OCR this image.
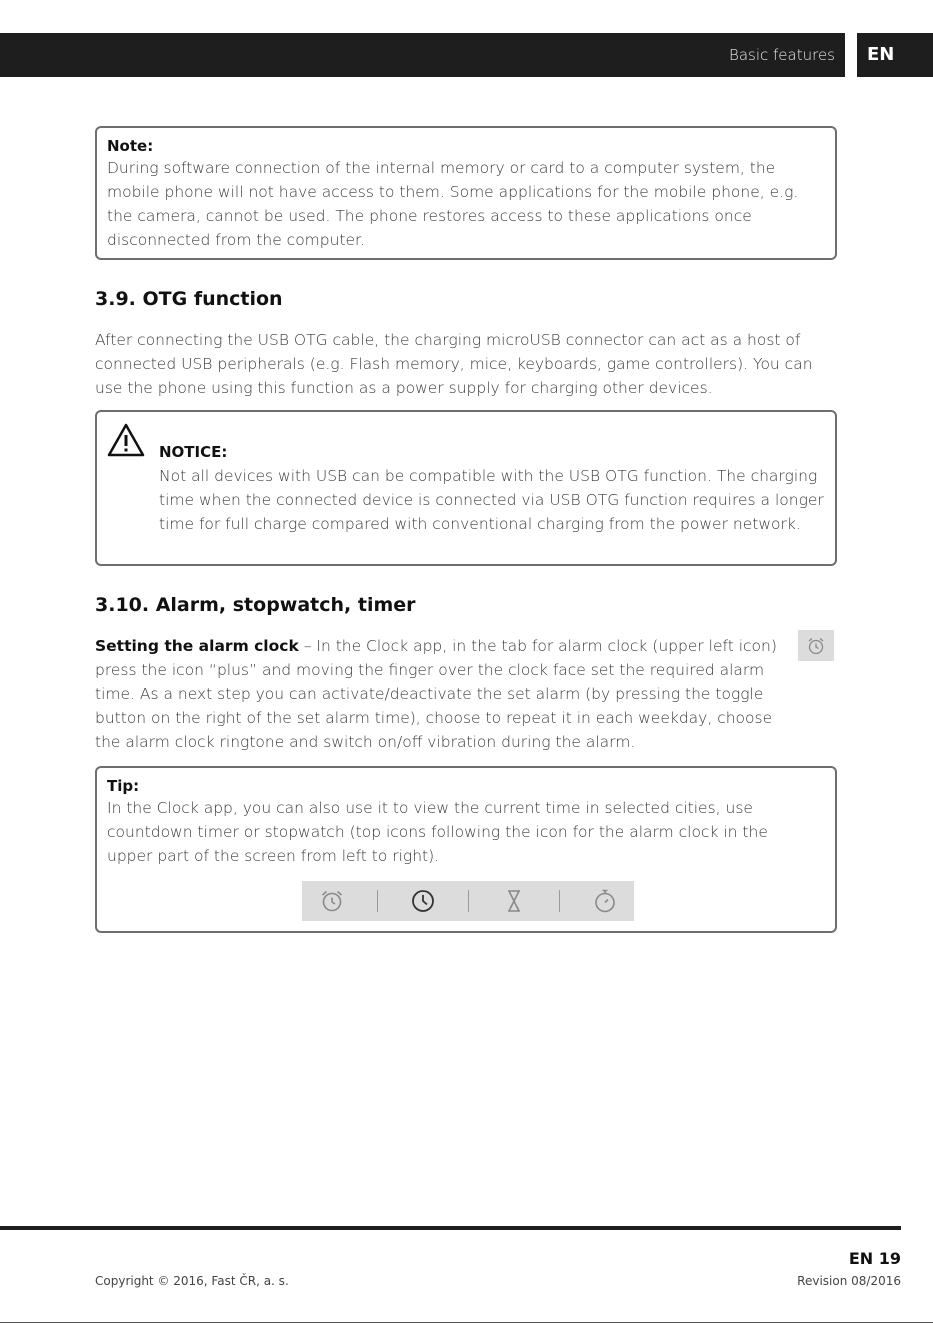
Basic features	EN
Note:
During software connection of the internal memory or card to a computer system, the mobile phone will not have access to them. Some applications for the mobile phone, e.g. the camera, cannot be used. The phone restores access to these applications once disconnected from the computer.
3.9. OTG function
After connecting the USB OTG cable, the charging microUSB connector can act as a host of connected USB peripherals (e.g. Flash memory, mice, keyboards, game controllers). You can use the phone using this function as a power supply for charging other devices.
NOTICE:
Not all devices with USB can be compatible with the USB OTG function. The charging time when the connected device is connected via USB OTG function requires a longer time for full charge compared with conventional charging from the power network.
3.10. Alarm, stopwatch, timer
Setting the alarm clock – In the Clock app, in the tab for alarm clock (upper left icon) press the icon “plus” and moving the finger over the clock face set the required alarm time. As a next step you can activate/deactivate the set alarm (by pressing the toggle button on the right of the set alarm time), choose to repeat it in each weekday, choose the alarm clock ringtone and switch on/off vibration during the alarm.
Tip:
In the Clock app, you can also use it to view the current time in selected cities, use countdown timer or stopwatch (top icons following the icon for the alarm clock in the upper part of the screen from left to right).
EN 19
Copyright © 2016, Fast ČR, a. s.	Revision 08/2016
